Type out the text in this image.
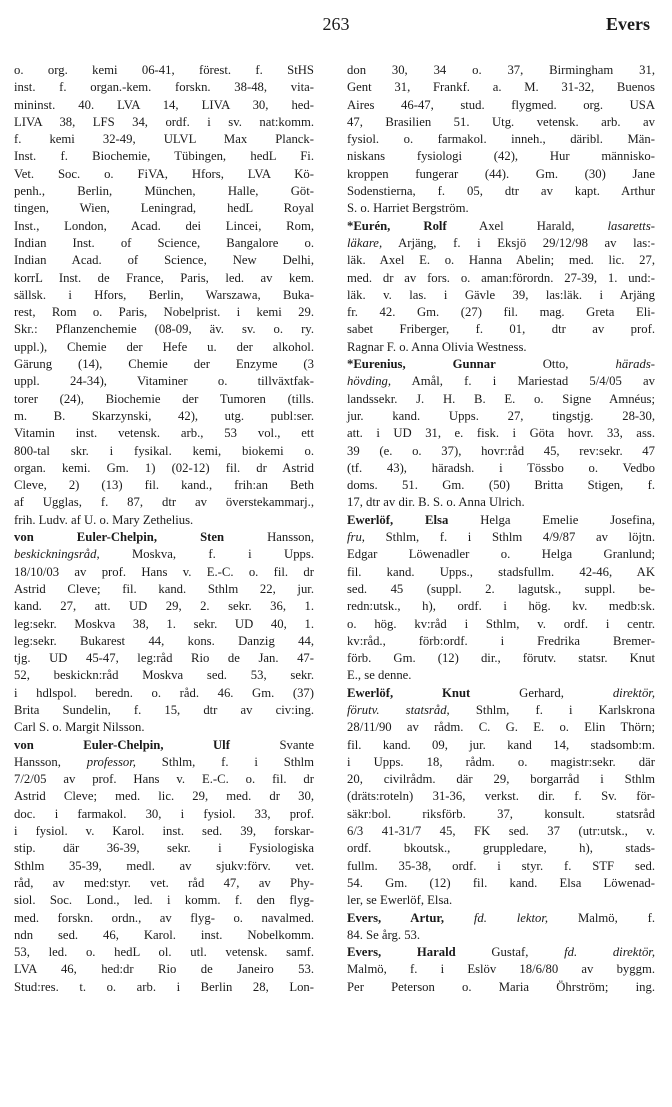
263	Evers
o. org. kemi 06-41, förest. f. StHS
inst. f. organ.-kem. forskn. 38-48, vita-
mininst. 40. LVA 14, LIVA 30, hed-
LIVA 38, LFS 34, ordf. i sv. nat:komm.
f. kemi 32-49, ULVL Max Planck-
Inst. f. Biochemie, Tübingen, hedL Fi.
Vet. Soc. o. FiVA, Hfors, LVA Kö-
penh., Berlin, München, Halle, Göt-
tingen, Wien, Leningrad, hedL Royal
Inst., London, Acad. dei Lincei, Rom,
Indian Inst. of Science, Bangalore o.
Indian Acad. of Science, New Delhi,
korrL Inst. de France, Paris, led. av kem.
sällsk. i Hfors, Berlin, Warszawa, Buka-
rest, Rom o. Paris, Nobelprist. i kemi 29.
Skr.: Pflanzenchemie (08-09, äv. sv. o. ry.
uppl.), Chemie der Hefe u. der alkohol.
Gärung (14), Chemie der Enzyme (3
uppl. 24-34), Vitaminer o. tillväxtfak-
torer (24), Biochemie der Tumoren (tills.
m. B. Skarzynski, 42), utg. publ:ser.
Vitamin inst. vetensk. arb., 53 vol., ett
800-tal skr. i fysikal. kemi, biokemi o.
organ. kemi. Gm. 1) (02-12) fil. dr Astrid
Cleve, 2) (13) fil. kand., frih:an Beth
af Ugglas, f. 87, dtr av överstekammarj.,
frih. Ludv. af U. o. Mary Zethelius.
von Euler-Chelpin, Sten	Hansson,
beskickningsråd,	Moskva, f. i Upps.
18/10/03 av prof. Hans v. E.-C. o. fil. dr
Astrid Cleve; fil. kand. Sthlm 22, jur.
kand. 27, att. UD 29, 2. sekr. 36, 1.
leg:sekr. Moskva 38, 1. sekr. UD 40, 1.
leg:sekr. Bukarest 44, kons. Danzig 44,
tjg. UD 45-47, leg:råd Rio de Jan. 47-
52, beskickn:råd Moskva sed. 53, sekr.
i hdlspol. beredn. o. råd. 46. Gm. (37)
Brita Sundelin, f. 15, dtr av civ:ing.
Carl S. o. Margit Nilsson.
von Euler-Chelpin, Ulf	Svante
Hansson, professor, Sthlm, f. i Sthlm
7/2/05 av prof. Hans v. E.-C. o. fil. dr
Astrid Cleve; med. lic. 29, med. dr 30,
doc. i farmakol. 30, i fysiol. 33, prof.
i fysiol. v. Karol. inst. sed. 39, forskar-
stip. där 36-39, sekr. i Fysiologiska
Sthlm 35-39, medl. av sjukv:förv. vet.
råd, av med:styr. vet. råd 47, av Phy-
siol. Soc. Lond., led. i komm. f. den flyg-
med. forskn. ordn., av flyg- o. navalmed.
ndn sed. 46, Karol. inst. Nobelkomm.
53, led. o. hedL ol. utl. vetensk. samf.
LVA 46, hed:dr Rio de Janeiro 53.
Stud:res. t. o. arb. i Berlin 28, Lon-
don 30, 34 o. 37, Birmingham 31,
Gent 31, Frankf. a. M. 31-32, Buenos
Aires 46-47, stud. flygmed. org. USA
47, Brasilien 51. Utg. vetensk. arb. av
fysiol. o. farmakol. inneh., däribl. Män-
niskans fysiologi (42), Hur människo-
kroppen fungerar (44). Gm. (30) Jane
Sodenstierna, f. 05, dtr av kapt. Arthur
S. o. Harriet Bergström.
*Eurén, Rolf	Axel Harald,	lasaretts-
läkare, Arjäng, f. i Eksjö 29/12/98 av las:-
läk. Axel E. o. Hanna Abelin; med. lic. 27,
med. dr av fors. o. aman:förordn. 27-39, 1. und:-
läk. v. las. i Gävle 39, las:läk. i Arjäng
fr. 42. Gm. (27) fil. mag. Greta Eli-
sabet Friberger, f. 01, dtr av prof.
Ragnar F. o. Anna Olivia Westness.
*Eurenius, Gunnar	Otto,	härads-
hövding, Amål, f. i Mariestad 5/4/05 av
landssekr. J. H. B. E. o. Signe Amnéus;
jur. kand. Upps. 27, tingstjg. 28-30,
att. i UD 31, e. fisk. i Göta hovr. 33, ass.
39 (e. o. 37), hovr:råd 45, rev:sekr. 47
(tf. 43), häradsh. i Tössbo o. Vedbo
doms. 51. Gm. (50) Britta Stigen, f.
17, dtr av dir. B. S. o. Anna Ulrich.
Ewerlöf, Elsa	Helga Emelie Josefina,
fru, Sthlm, f. i Sthlm 4/9/87 av löjtn.
Edgar Löwenadler o. Helga Granlund;
fil. kand. Upps., stadsfullm. 42-46, AK
sed. 45 (suppl. 2. lagutsk., suppl. be-
redn:utsk., h), ordf. i hög. kv. medb:sk.
o. hög. kv:råd i Sthlm, v. ordf. i centr.
kv:råd., förb:ordf. i Fredrika Bremer-
förb. Gm. (12) dir., förutv. statsr. Knut
E., se denne.
Ewerlöf, Knut	Gerhard,	direktör,
förutv. statsråd, Sthlm, f. i Karlskrona
28/11/90 av rådm. C. G. E. o. Elin Thörn;
fil. kand. 09, jur. kand 14, stadsomb:m.
i Upps. 18, rådm. o. magistr:sekr. där
20, civilrådm. där 29, borgarråd i Sthlm
(dräts:roteln) 31-36, verkst. dir. f. Sv. för-
säkr:bol. riksförb. 37, konsult. statsråd
6/3 41-31/7 45, FK sed. 37 (utr:utsk., v.
ordf. bkoutsk., gruppledare, h), stads-
fullm. 35-38, ordf. i styr. f. STF sed.
54. Gm. (12) fil. kand. Elsa Löwenad-
ler, se Ewerlöf, Elsa.
Evers, Artur, fd. lektor, Malmö, f.
84. Se årg. 53.
Evers, Harald	Gustaf,	fd. direktör,
Malmö, f. i Eslöv 18/6/80 av byggm.
Per Peterson o. Maria Öhrström; ing.
